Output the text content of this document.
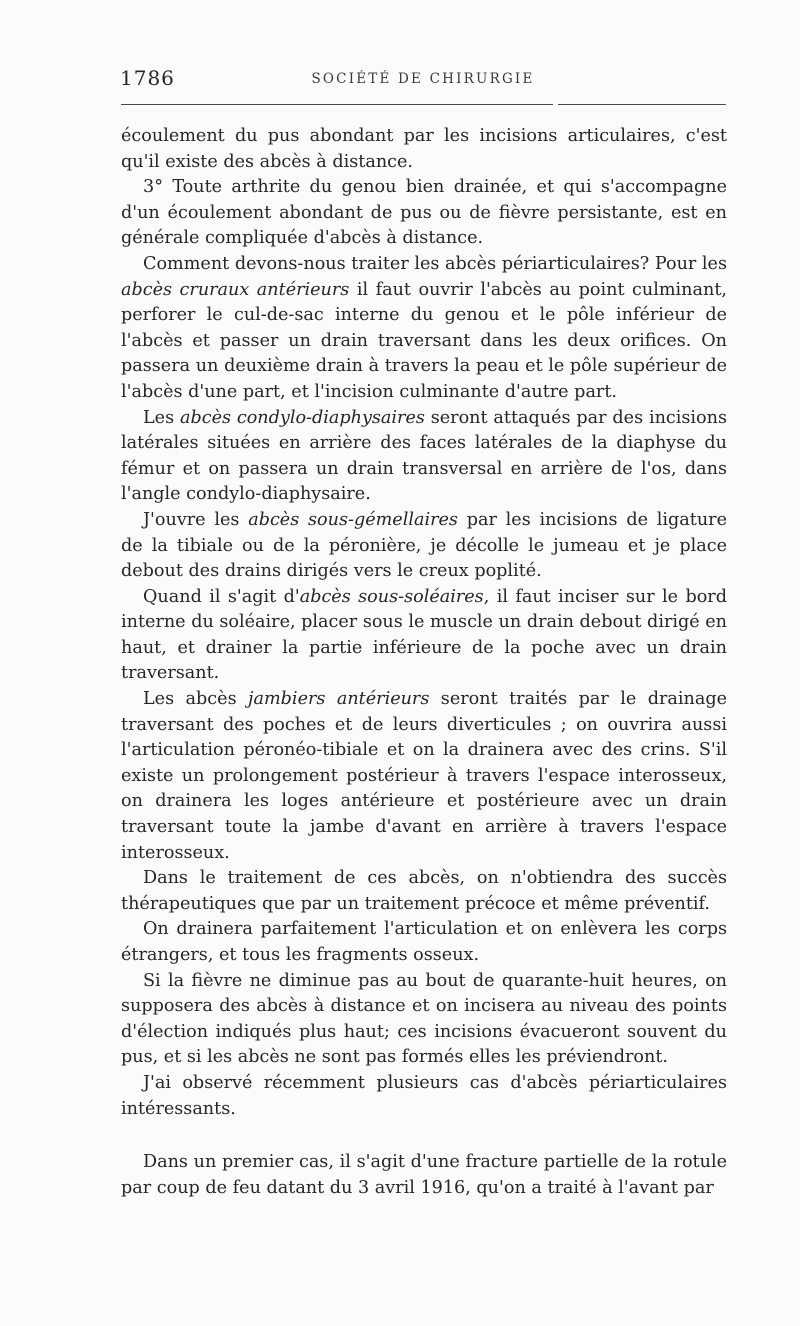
1786	SOCIÉTÉ DE CHIRURGIE

écoulement du pus abondant par les incisions articulaires, c'est qu'il existe des abcès à distance.

3° Toute arthrite du genou bien drainée, et qui s'accompagne d'un écoulement abondant de pus ou de fièvre persistante, est en générale compliquée d'abcès à distance.

Comment devons-nous traiter les abcès périarticulaires? Pour les abcès cruraux antérieurs il faut ouvrir l'abcès au point culminant, perforer le cul-de-sac interne du genou et le pôle inférieur de l'abcès et passer un drain traversant dans les deux orifices. On passera un deuxième drain à travers la peau et le pôle supérieur de l'abcès d'une part, et l'incision culminante d'autre part.

Les abcès condylo-diaphysaires seront attaqués par des incisions latérales situées en arrière des faces latérales de la diaphyse du fémur et on passera un drain transversal en arrière de l'os, dans l'angle condylo-diaphysaire.

J'ouvre les abcès sous-gémellaires par les incisions de ligature de la tibiale ou de la péronière, je décolle le jumeau et je place debout des drains dirigés vers le creux poplité.

Quand il s'agit d'abcès sous-soléaires, il faut inciser sur le bord interne du soléaire, placer sous le muscle un drain debout dirigé en haut, et drainer la partie inférieure de la poche avec un drain traversant.

Les abcès jambiers antérieurs seront traités par le drainage traversant des poches et de leurs diverticules ; on ouvrira aussi l'articulation péronéo-tibiale et on la drainera avec des crins. S'il existe un prolongement postérieur à travers l'espace interosseux, on drainera les loges antérieure et postérieure avec un drain traversant toute la jambe d'avant en arrière à travers l'espace interosseux.

Dans le traitement de ces abcès, on n'obtiendra des succès thérapeutiques que par un traitement précoce et même préventif.

On drainera parfaitement l'articulation et on enlèvera les corps étrangers, et tous les fragments osseux.

Si la fièvre ne diminue pas au bout de quarante-huit heures, on supposera des abcès à distance et on incisera au niveau des points d'élection indiqués plus haut; ces incisions évacueront souvent du pus, et si les abcès ne sont pas formés elles les préviendront.

J'ai observé récemment plusieurs cas d'abcès périarticulaires intéressants.

Dans un premier cas, il s'agit d'une fracture partielle de la rotule par coup de feu datant du 3 avril 1916, qu'on a traité à l'avant par
